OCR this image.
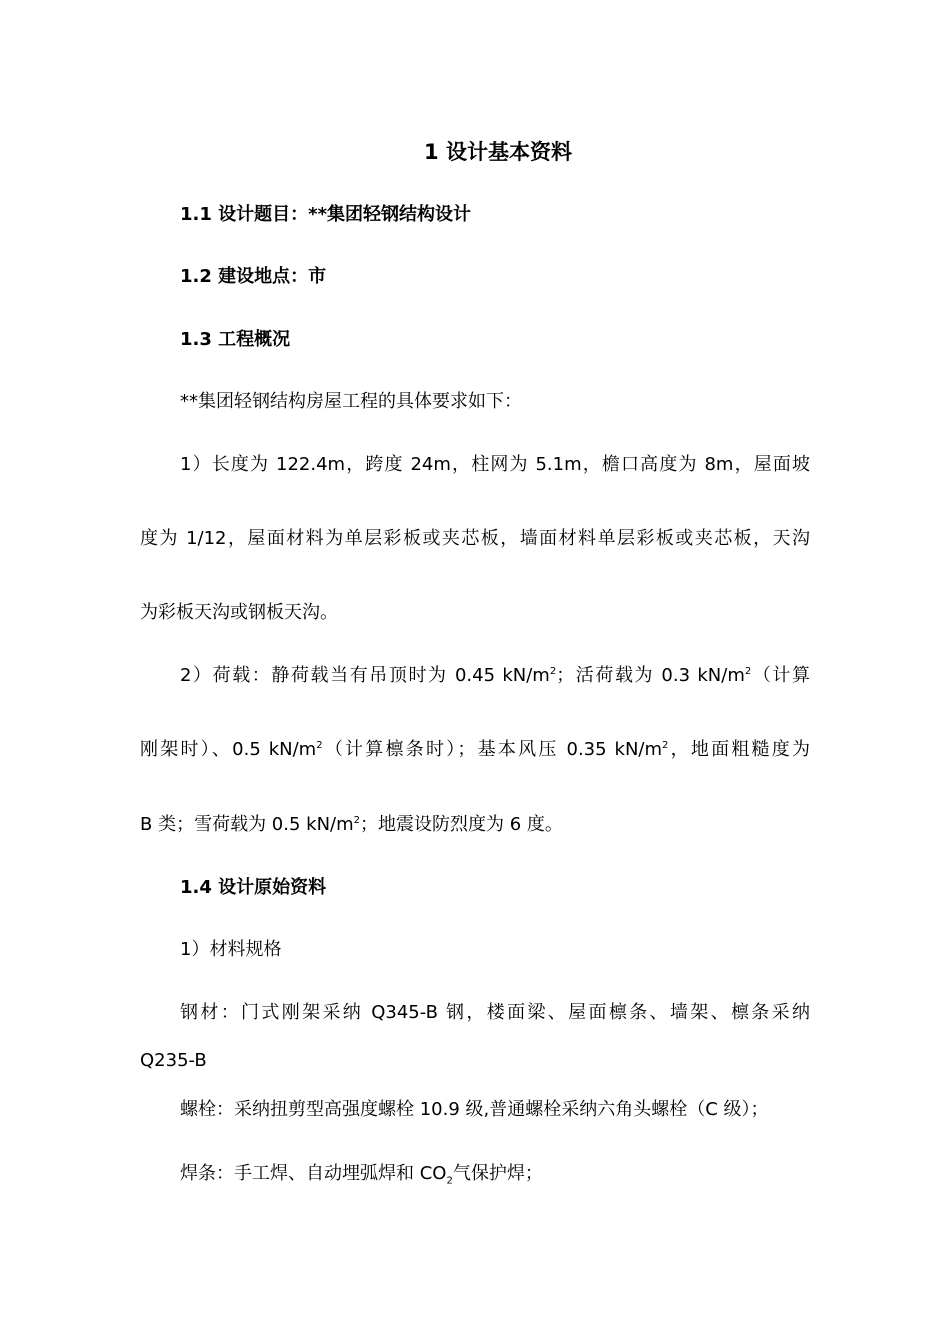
1 设计基本资料
1.1 设计题目：**集团轻钢结构设计
1.2 建设地点：市
1.3 工程概况
**集团轻钢结构房屋工程的具体要求如下：
1）长度为 122.4m，跨度 24m，柱网为 5.1m，檐口高度为 8m，屋面坡
度为 1/12，屋面材料为单层彩板或夹芯板，墙面材料单层彩板或夹芯板，天沟
为彩板天沟或钢板天沟。
2）荷载：静荷载当有吊顶时为 0.45 $kN/m^2$；活荷载为 0.3 $kN/m^2$（计算
刚架时）、0.5 $kN/m^2$（计算檩条时）；基本风压 0.35 $kN/m^2$，地面粗糙度为
B 类；雪荷载为 0.5 $kN/m^2$；地震设防烈度为 6 度。
1.4 设计原始资料
1）材料规格
钢材：门式刚架采纳 Q345-B 钢，楼面梁、屋面檩条、墙架、檩条采纳
Q235-B
螺栓：采纳扭剪型高强度螺栓 10.9 级,普通螺栓采纳六角头螺栓（C 级）；
焊条：手工焊、自动埋弧焊和 $CO_2$气保护焊；
